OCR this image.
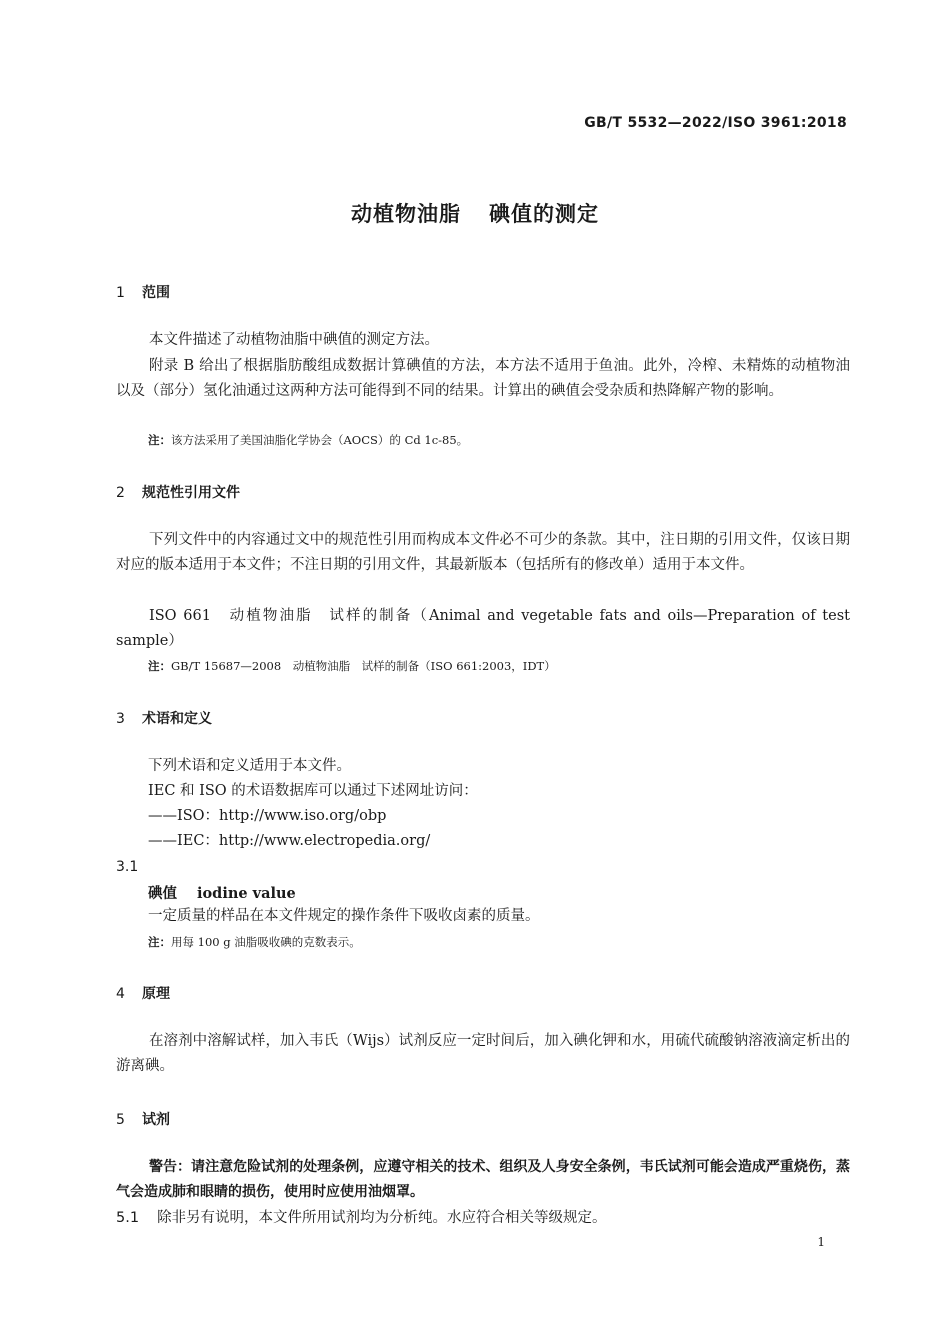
GB/T 5532—2022/ISO 3961:2018
动植物油脂 碘值的测定
1 范围
本文件描述了动植物油脂中碘值的测定方法。
附录 B 给出了根据脂肪酸组成数据计算碘值的方法，本方法不适用于鱼油。此外，冷榨、未精炼的动植物油以及（部分）氢化油通过这两种方法可能得到不同的结果。计算出的碘值会受杂质和热降解产物的影响。
注：该方法采用了美国油脂化学协会（AOCS）的 Cd 1c-85。
2 规范性引用文件
下列文件中的内容通过文中的规范性引用而构成本文件必不可少的条款。其中，注日期的引用文件，仅该日期对应的版本适用于本文件；不注日期的引用文件，其最新版本（包括所有的修改单）适用于本文件。
ISO 661　动植物油脂　试样的制备（Animal and vegetable fats and oils—Preparation of test sample）
注：GB/T 15687—2008　动植物油脂　试样的制备（ISO 661:2003，IDT）
3 术语和定义
下列术语和定义适用于本文件。
IEC 和 ISO 的术语数据库可以通过下述网址访问：
——ISO：http://www.iso.org/obp
——IEC：http://www.electropedia.org/
3.1
碘值 iodine value
一定质量的样品在本文件规定的操作条件下吸收卤素的质量。
注：用每 100 g 油脂吸收碘的克数表示。
4 原理
在溶剂中溶解试样，加入韦氏（Wijs）试剂反应一定时间后，加入碘化钾和水，用硫代硫酸钠溶液滴定析出的游离碘。
5 试剂
警告：请注意危险试剂的处理条例，应遵守相关的技术、组织及人身安全条例，韦氏试剂可能会造成严重烧伤，蒸气会造成肺和眼睛的损伤，使用时应使用油烟罩。
5.1 除非另有说明，本文件所用试剂均为分析纯。水应符合相关等级规定。
1
